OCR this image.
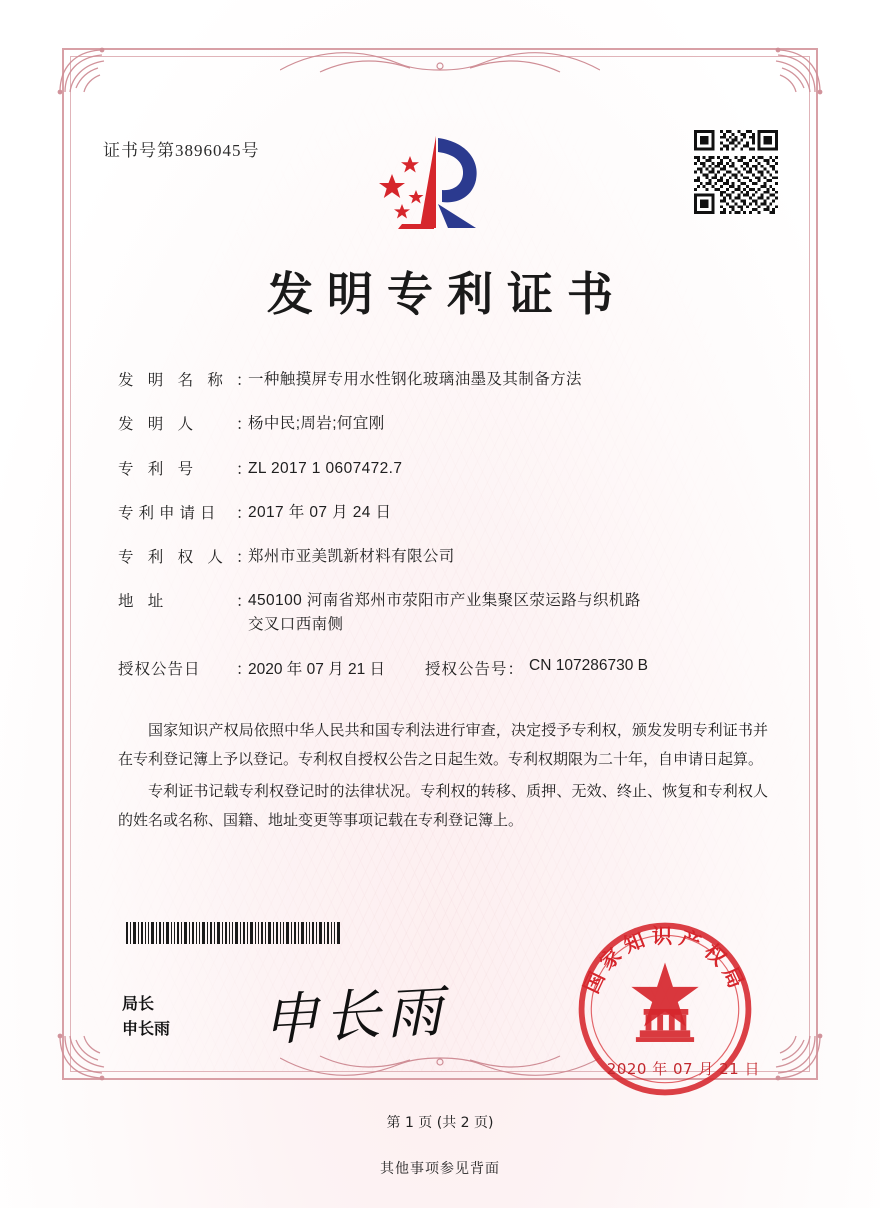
证书号第3896045号
发明专利证书
发 明 名 称 ：
一种触摸屏专用水性钢化玻璃油墨及其制备方法
发 明 人	：
杨中民;周岩;何宜刚
专 利 号	：
ZL 2017 1 0607472.7
专利申请日 ：
2017 年 07 月 24 日
专 利 权 人 ：
郑州市亚美凯新材料有限公司
地 址	：
450100 河南省郑州市荥阳市产业集聚区荥运路与织机路
交叉口西南侧
授权公告日	：
2020 年 07 月 21 日	授权公告号 ： CN 107286730 B

国家知识产权局依照中华人民共和国专利法进行审查，决定授予专利权，颁发发明专利证书并在专利登记簿上予以登记。专利权自授权公告之日起生效。专利权期限为二十年，自申请日起算。

专利证书记载专利权登记时的法律状况。专利权的转移、质押、无效、终止、恢复和专利权人的姓名或名称、国籍、地址变更等事项记载在专利登记簿上。

局长
申长雨 申长雨	国家知识产权局
2020 年 07 月 21 日
第 1 页 (共 2 页)
其他事项参见背面
